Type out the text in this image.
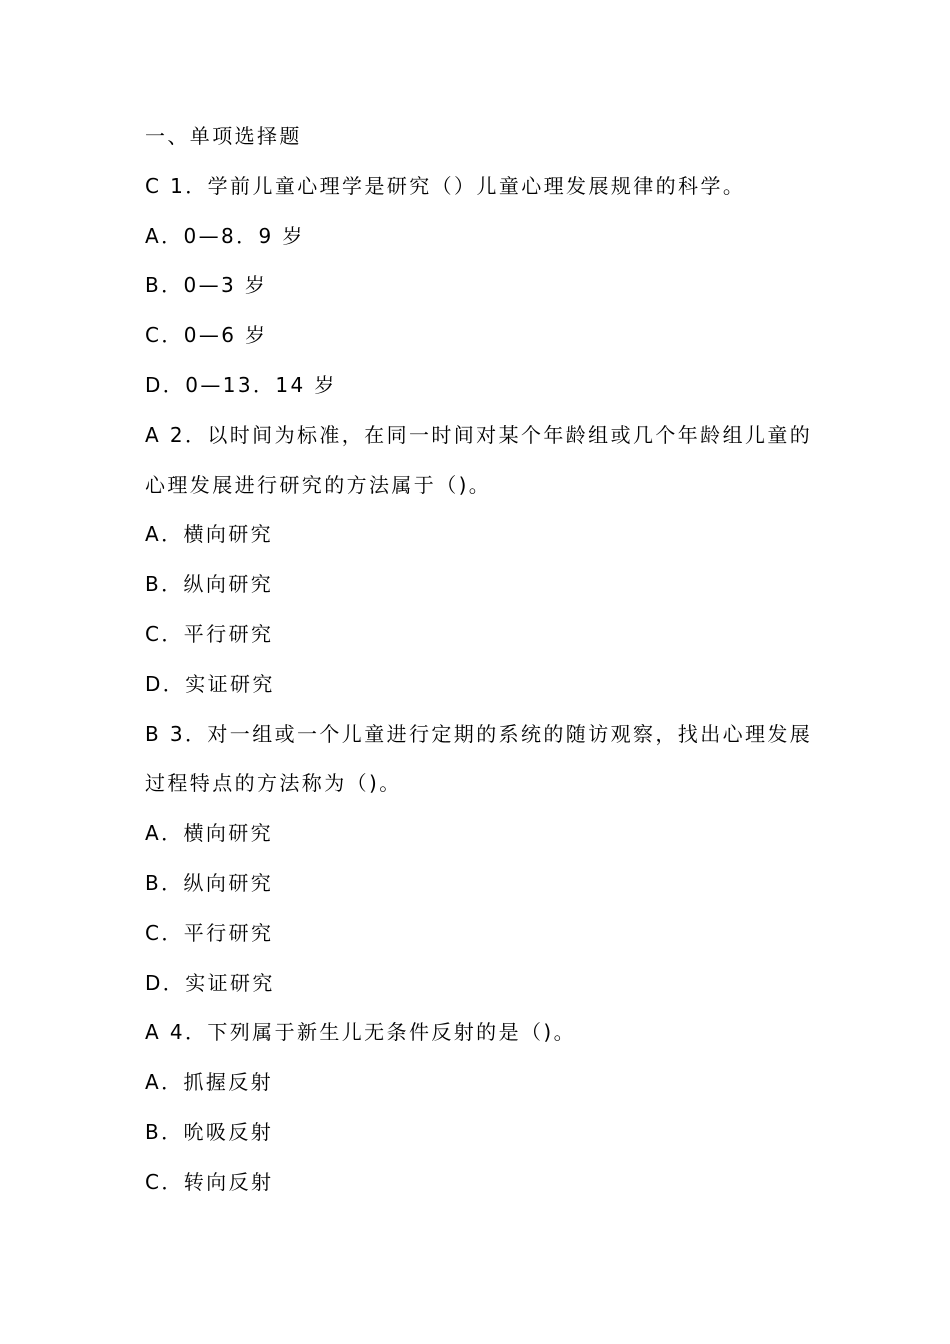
一、单项选择题
C 1．学前儿童心理学是研究（）儿童心理发展规律的科学。
A．0—8．9 岁
B．0—3 岁
C．0—6 岁
D．0—13．14 岁
A 2．以时间为标准，在同一时间对某个年龄组或几个年龄组儿童的
心理发展进行研究的方法属于（)。
A．横向研究
B．纵向研究
C．平行研究
D．实证研究
B 3．对一组或一个儿童进行定期的系统的随访观察，找出心理发展
过程特点的方法称为（)。
A．横向研究
B．纵向研究
C．平行研究
D．实证研究
A 4．下列属于新生儿无条件反射的是（)。
A．抓握反射
B．吮吸反射
C．转向反射
